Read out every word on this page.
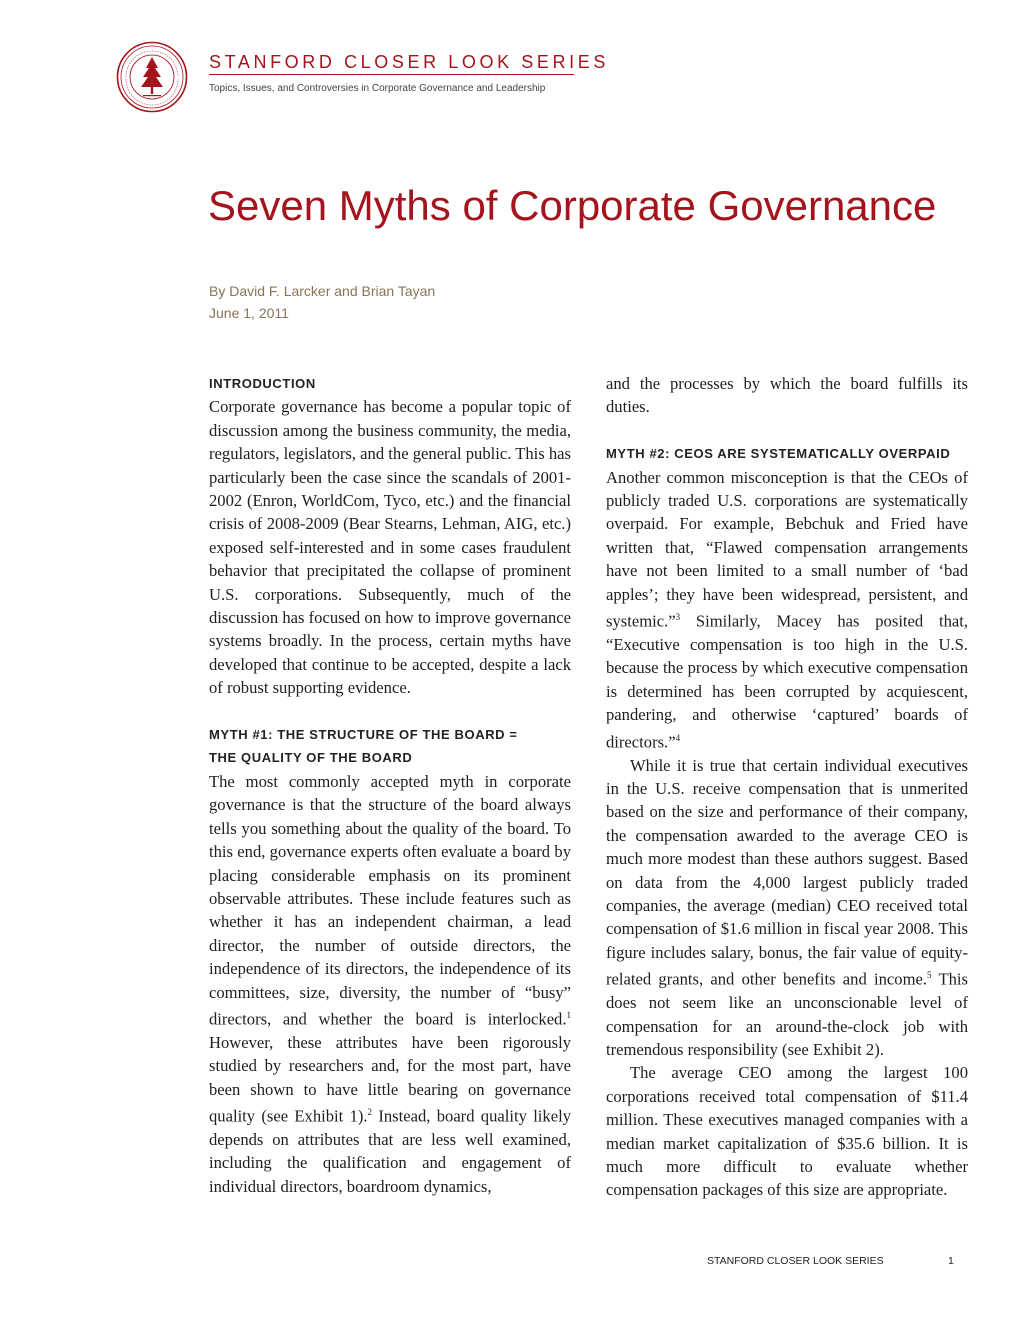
STANFORD CLOSER LOOK SERIES
Topics, Issues, and Controversies in Corporate Governance and Leadership
Seven Myths of Corporate Governance
By David F. Larcker and Brian Tayan
June 1, 2011

INTRODUCTION

Corporate governance has become a popular topic of discussion among the business community, the media, regulators, legislators, and the general public. This has particularly been the case since the scandals of 2001-2002 (Enron, WorldCom, Tyco, etc.) and the financial crisis of 2008-2009 (Bear Stearns, Lehman, AIG, etc.) exposed self-interested and in some cases fraudulent behavior that precipitated the collapse of prominent U.S. corporations. Subsequently, much of the discussion has focused on how to improve governance systems broadly. In the process, certain myths have developed that continue to be accepted, despite a lack of robust supporting evidence.

MYTH #1: THE STRUCTURE OF THE BOARD =
THE QUALITY OF THE BOARD

The most commonly accepted myth in corporate governance is that the structure of the board always tells you something about the quality of the board. To this end, governance experts often evaluate a board by placing considerable emphasis on its prominent observable attributes. These include features such as whether it has an independent chairman, a lead director, the number of outside directors, the independence of its directors, the independence of its committees, size, diversity, the number of “busy” directors, and whether the board is interlocked.$^1$ However, these attributes have been rigorously studied by researchers and, for the most part, have been shown to have little bearing on governance quality (see Exhibit 1).$^2$ Instead, board quality likely depends on attributes that are less well examined, including the qualification and engagement of individual directors, boardroom dynamics,

and the processes by which the board fulfills its duties.

MYTH #2: CEOS ARE SYSTEMATICALLY OVERPAID

Another common misconception is that the CEOs of publicly traded U.S. corporations are systematically overpaid. For example, Bebchuk and Fried have written that, “Flawed compensation arrangements have not been limited to a small number of ‘bad apples’; they have been widespread, persistent, and systemic.”$^3$ Similarly, Macey has posited that, “Executive compensation is too high in the U.S. because the process by which executive compensation is determined has been corrupted by acquiescent, pandering, and otherwise ‘captured’ boards of directors.”$^4$

While it is true that certain individual executives in the U.S. receive compensation that is unmerited based on the size and performance of their company, the compensation awarded to the average CEO is much more modest than these authors suggest. Based on data from the 4,000 largest publicly traded companies, the average (median) CEO received total compensation of $1.6 million in fiscal year 2008. This figure includes salary, bonus, the fair value of equity-related grants, and other benefits and income.$^5$ This does not seem like an unconscionable level of compensation for an around-the-clock job with tremendous responsibility (see Exhibit 2).

The average CEO among the largest 100 corporations received total compensation of $11.4 million. These executives managed companies with a median market capitalization of $35.6 billion. It is much more difficult to evaluate whether compensation packages of this size are appropriate.

STANFORD CLOSER LOOK SERIES	1
